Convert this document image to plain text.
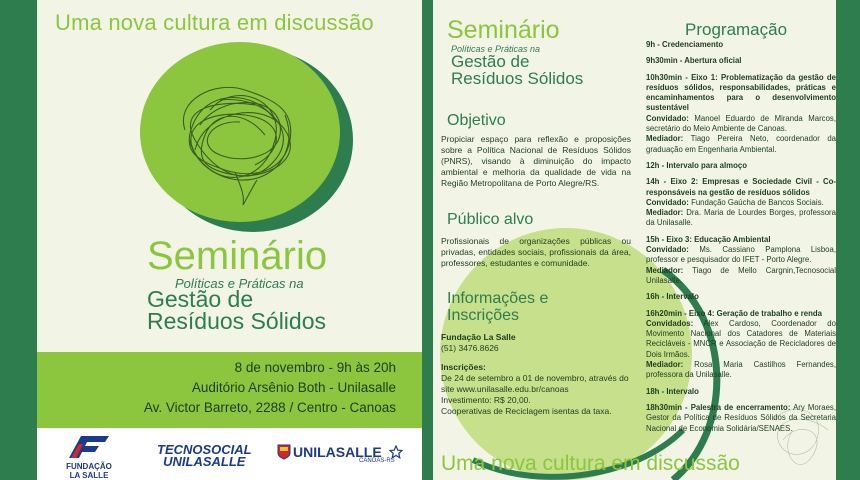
Uma nova cultura em discussão
Seminário
Políticas e Práticas na
Gestão de
Resíduos Sólidos
8 de novembro - 9h às 20h
Auditório Arsênio Both - Unilasalle
Av. Victor Barreto, 2288 / Centro - Canoas
FUNDAÇÃO
LA SALLE
TECNOSOCIAL
UNILASALLE
UNILASALLE
CANOAS-RS
Seminário
Políticas e Práticas na
Gestão de
Resíduos Sólidos
Objetivo
Propiciar espaço para reflexão e proposições sobre a Política Nacional de Resíduos Sólidos (PNRS), visando à diminuição do impacto ambiental e melhoria da qualidade de vida na Região Metropolitana de Porto Alegre/RS.
Público alvo
Profissionais de organizações públicas ou privadas, entidades sociais, profissionais da área, professores, estudantes e comunidade.
Informações e
Inscrições
Fundação La Salle
(51) 3476.8626
Inscrições:
De 24 de setembro a 01 de novembro, através do site www.unilasalle.edu.br/canoas
Investimento: R$ 20,00.
Cooperativas de Reciclagem isentas da taxa.
Programação
9h - Credenciamento
9h30min - Abertura oficial
10h30min - Eixo 1: Problematização da gestão de resíduos sólidos, responsabilidades, práticas e encaminhamentos para o desenvolvimento sustentável
Convidado: Manoel Eduardo de Miranda Marcos, secretário do Meio Ambiente de Canoas.
Mediador: Tiago Pereira Neto, coordenador da graduação em Engenharia Ambiental.
12h - Intervalo para almoço
14h - Eixo 2: Empresas e Sociedade Civil - Co-responsáveis na gestão de resíduos sólidos
Convidado: Fundação Gaúcha de Bancos Sociais.
Mediador: Dra. Maria de Lourdes Borges, professora da Unilasalle.
15h - Eixo 3: Educação Ambiental
Convidado: Ms. Cassiano Pamplona Lisboa, professor e pesquisador do IFET - Porto Alegre.
Mediador: Tiago de Mello Cargnin,Tecnosocial Unilasalle.
16h - Intervalo
16h20min - Eixo 4: Geração de trabalho e renda
Convidados: Alex Cardoso, Coordenador do Movimento Nacional dos Catadores de Materiais Recicláveis - MNCR e Associação de Recicladores de Dois Irmãos.
Mediador: Rosa Maria Castilhos Fernandes, professora da Unilasalle.
18h - Intervalo
18h30min - Palestra de encerramento: Ary Moraes, Gestor da Política de Resíduos Sólidos da Secretaria Nacional de Economia Solidária/SENAES.
Uma nova cultura em discussão
